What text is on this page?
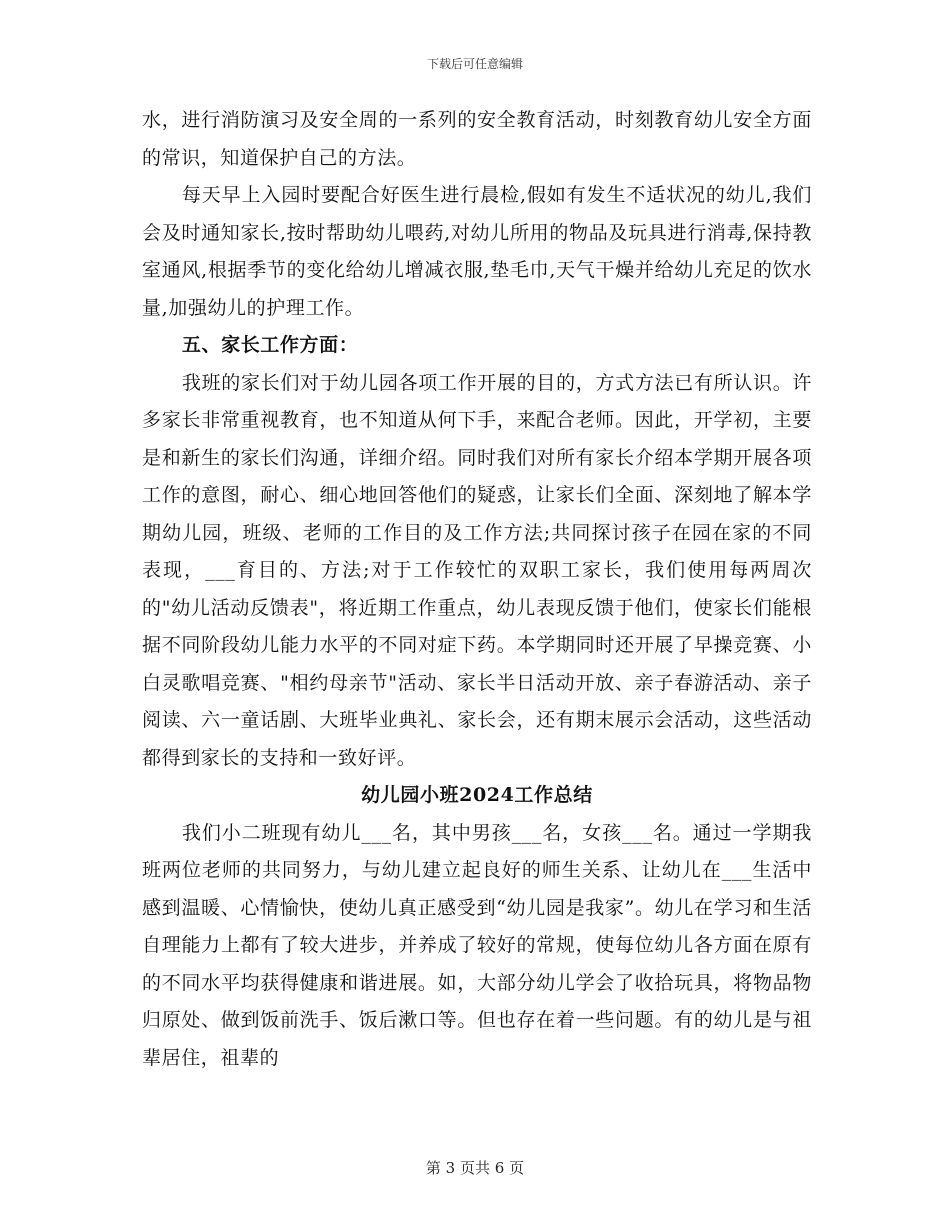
下载后可任意编辑

水，进行消防演习及安全周的一系列的安全教育活动，时刻教育幼儿安全方面的常识，知道保护自己的方法。

每天早上入园时要配合好医生进行晨检,假如有发生不适状况的幼儿,我们会及时通知家长,按时帮助幼儿喂药,对幼儿所用的物品及玩具进行消毒,保持教室通风,根据季节的变化给幼儿增减衣服,垫毛巾,天气干燥并给幼儿充足的饮水量,加强幼儿的护理工作。

五、家长工作方面：

我班的家长们对于幼儿园各项工作开展的目的，方式方法已有所认识。许多家长非常重视教育，也不知道从何下手，来配合老师。因此，开学初，主要是和新生的家长们沟通，详细介绍。同时我们对所有家长介绍本学期开展各项工作的意图，耐心、细心地回答他们的疑惑，让家长们全面、深刻地了解本学期幼儿园，班级、老师的工作目的及工作方法;共同探讨孩子在园在家的不同表现，___育目的、方法;对于工作较忙的双职工家长，我们使用每两周次的"幼儿活动反馈表"，将近期工作重点，幼儿表现反馈于他们，使家长们能根据不同阶段幼儿能力水平的不同对症下药。本学期同时还开展了早操竞赛、小白灵歌唱竞赛、"相约母亲节"活动、家长半日活动开放、亲子春游活动、亲子阅读、六一童话剧、大班毕业典礼、家长会，还有期末展示会活动，这些活动都得到家长的支持和一致好评。

幼儿园小班2024工作总结

我们小二班现有幼儿___名，其中男孩___名，女孩___名。通过一学期我班两位老师的共同努力，与幼儿建立起良好的师生关系、让幼儿在___生活中感到温暖、心情愉快，使幼儿真正感受到“幼儿园是我家”。幼儿在学习和生活自理能力上都有了较大进步，并养成了较好的常规，使每位幼儿各方面在原有的不同水平均获得健康和谐进展。如，大部分幼儿学会了收拾玩具，将物品物归原处、做到饭前洗手、饭后漱口等。但也存在着一些问题。有的幼儿是与祖辈居住，祖辈的

第 3 页共 6 页
